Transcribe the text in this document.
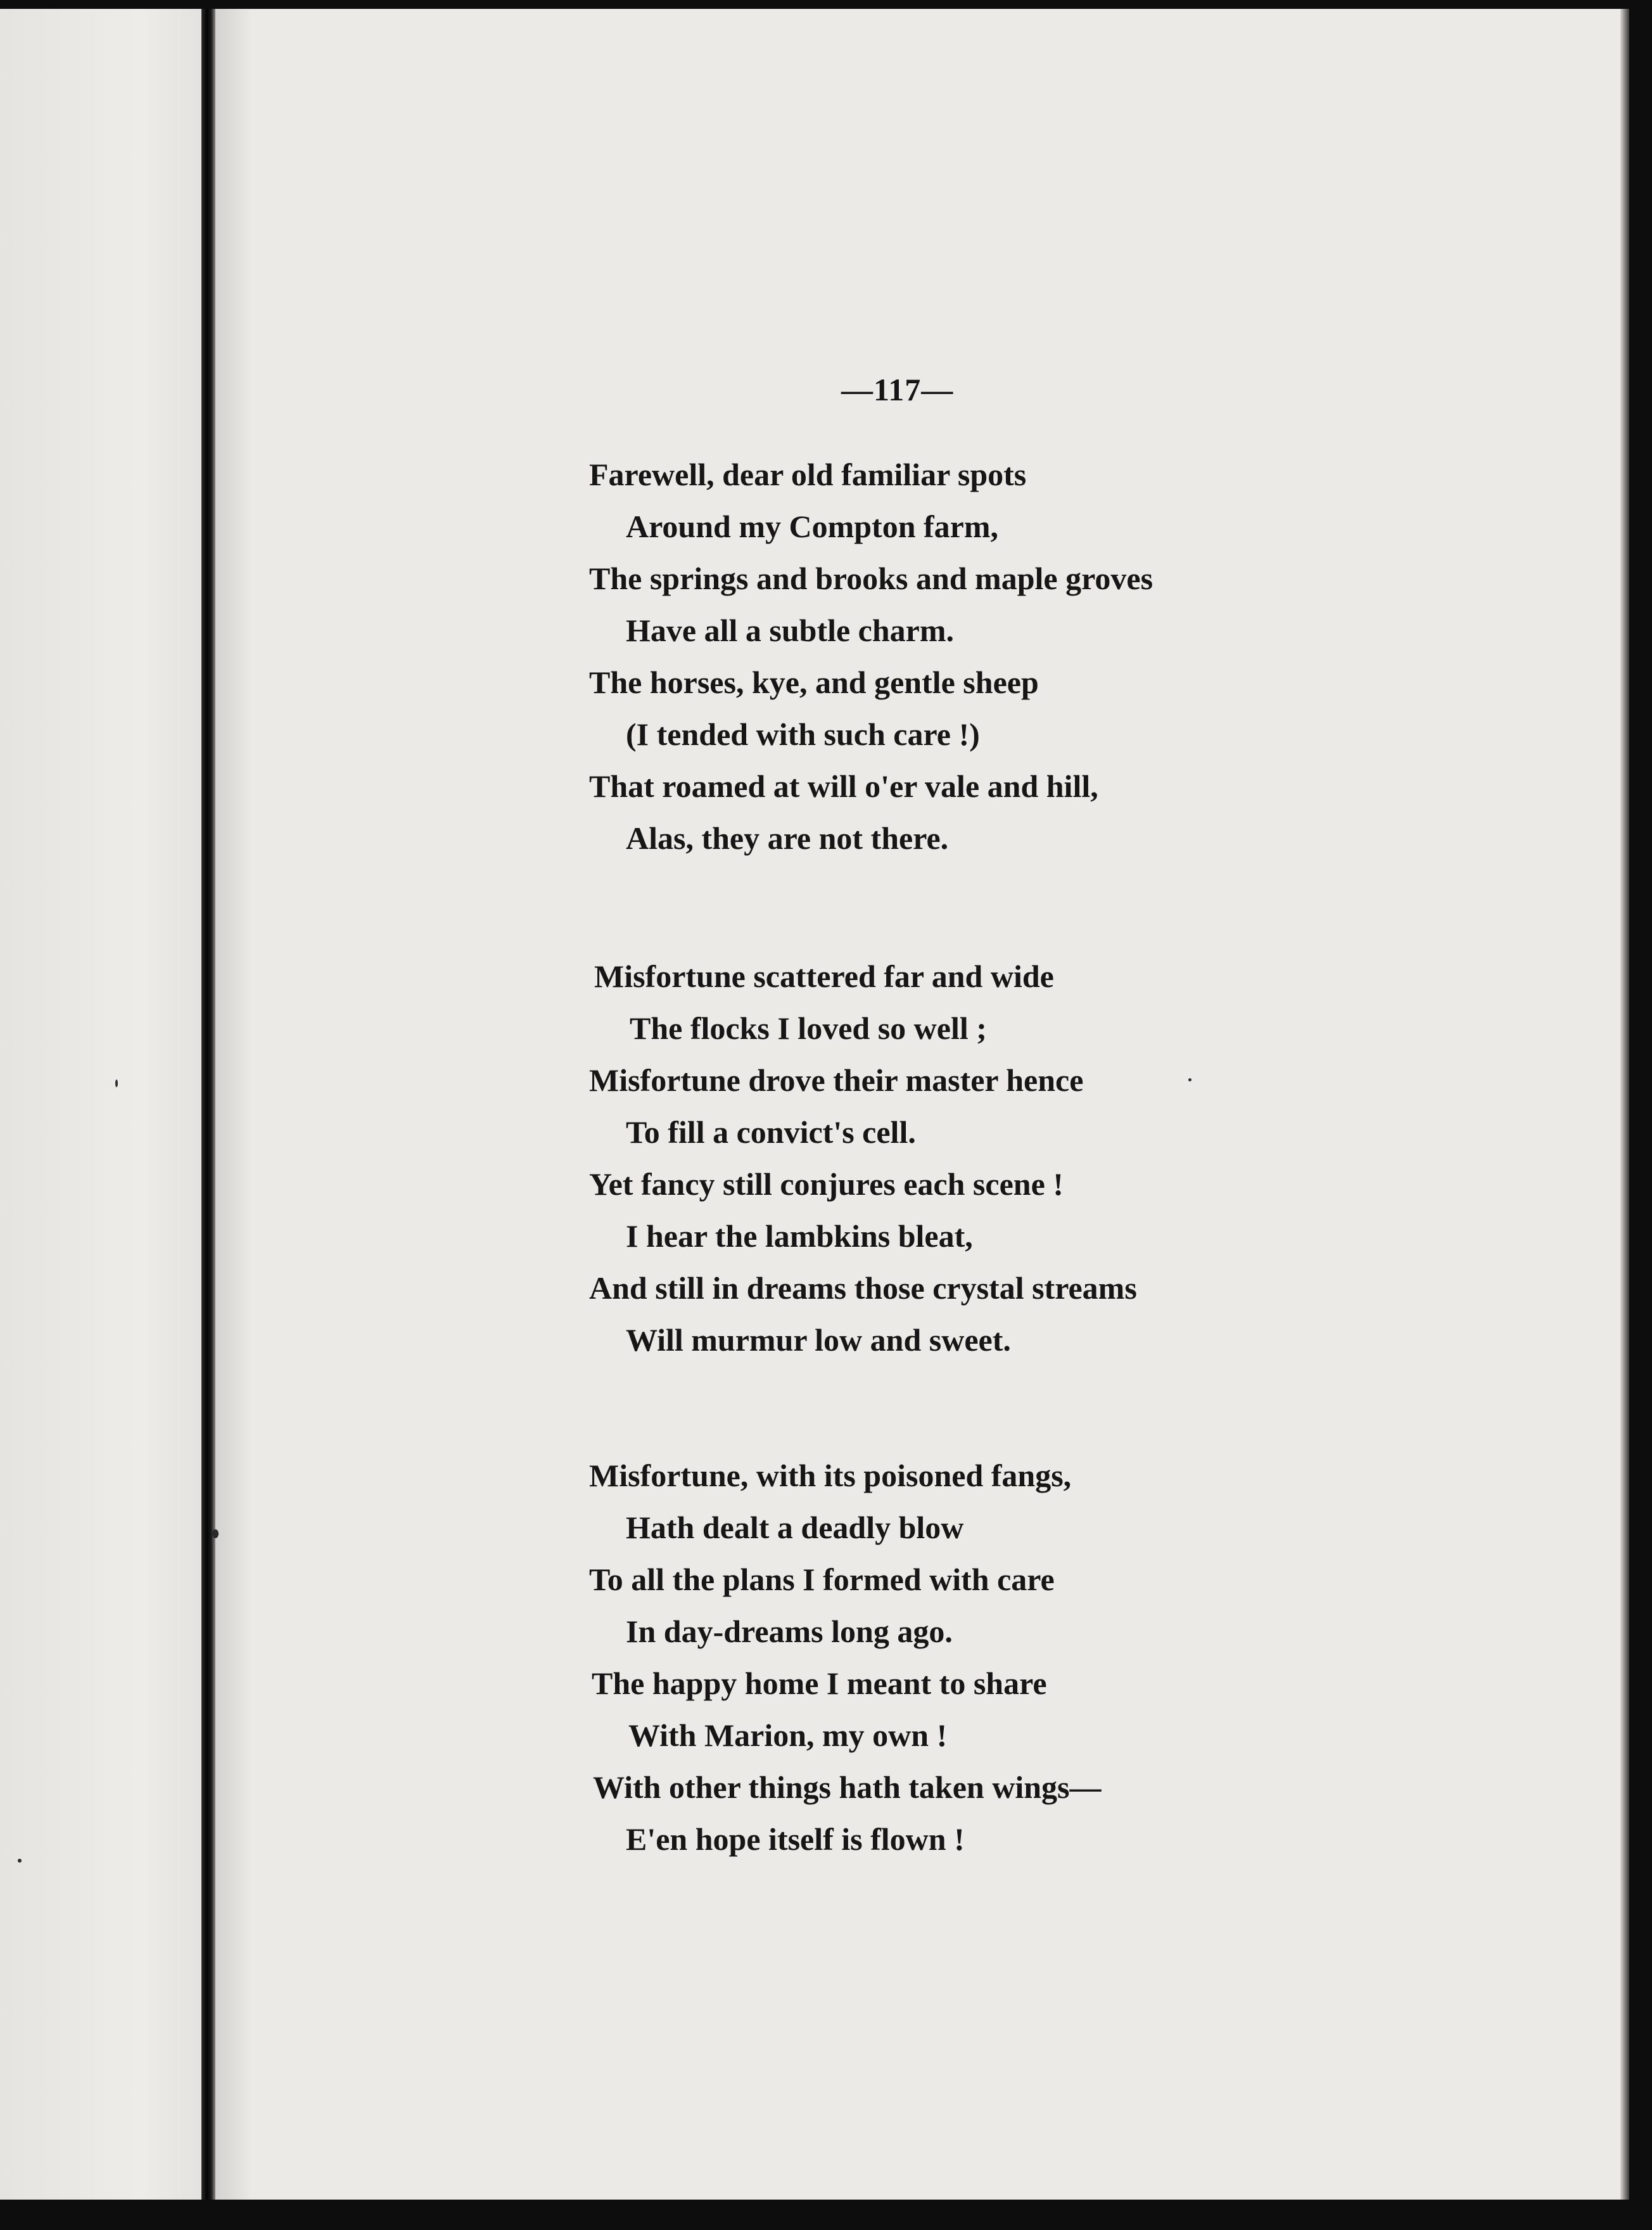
—117—
Farewell, dear old familiar spots
Around my Compton farm,
The springs and brooks and maple groves
Have all a subtle charm.
The horses, kye, and gentle sheep
(I tended with such care !)
That roamed at will o'er vale and hill,
Alas, they are not there.
Misfortune scattered far and wide
The flocks I loved so well ;
Misfortune drove their master hence
To fill a convict's cell.
Yet fancy still conjures each scene !
I hear the lambkins bleat,
And still in dreams those crystal streams
Will murmur low and sweet.
Misfortune, with its poisoned fangs,
Hath dealt a deadly blow
To all the plans I formed with care
In day-dreams long ago.
The happy home I meant to share
With Marion, my own !
With other things hath taken wings—
E'en hope itself is flown !
